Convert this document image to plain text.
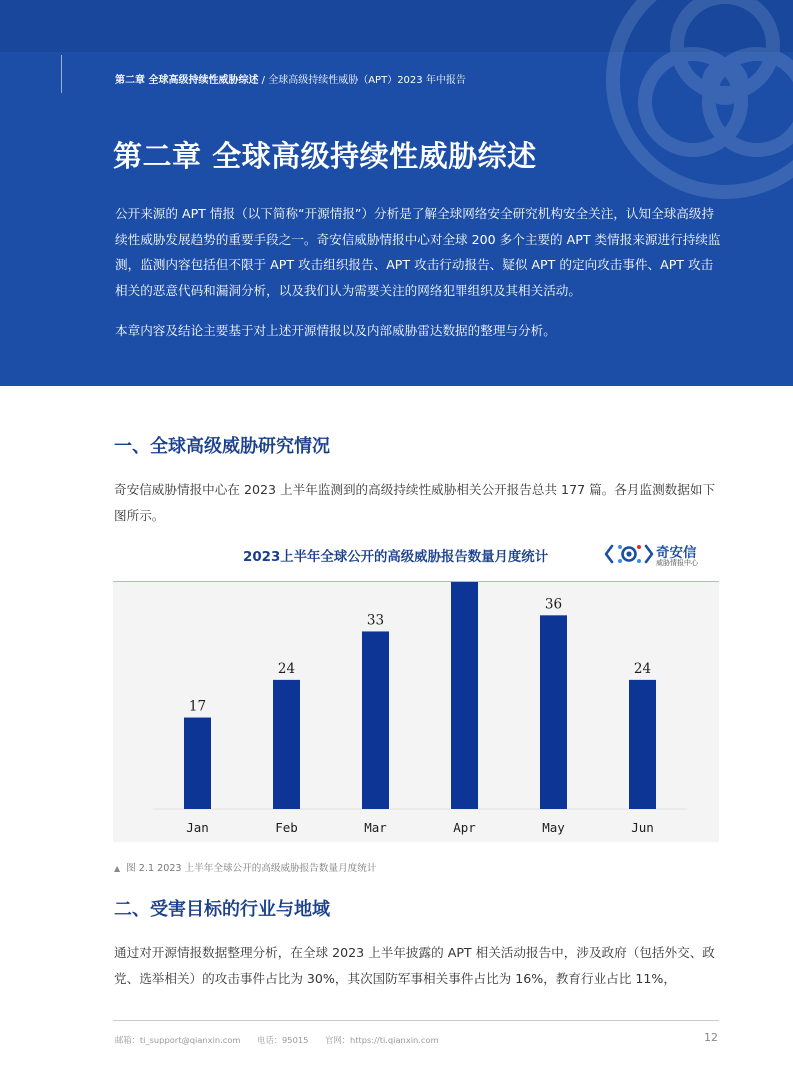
第二章 全球高级持续性威胁综述 / 全球高级持续性威胁（APT）2023 年中报告
第二章 全球高级持续性威胁综述

公开来源的 APT 情报（以下简称“开源情报”）分析是了解全球网络安全研究机构安全关注，认知全球高级持续性威胁发展趋势的重要手段之一。奇安信威胁情报中心对全球 200 多个主要的 APT 类情报来源进行持续监测，监测内容包括但不限于 APT 攻击组织报告、APT 攻击行动报告、疑似 APT 的定向攻击事件、APT 攻击相关的恶意代码和漏洞分析，以及我们认为需要关注的网络犯罪组织及其相关活动。

本章内容及结论主要基于对上述开源情报以及内部威胁雷达数据的整理与分析。

一、全球高级威胁研究情况

奇安信威胁情报中心在 2023 上半年监测到的高级持续性威胁相关公开报告总共 177 篇。各月监测数据如下图所示。

2023上半年全球公开的高级威胁报告数量月度统计	奇安信
威胁情报中心
17
Jan
24
Feb
33
Mar	Apr
36
May
24
Jun
▲ 图 2.1 2023 上半年全球公开的高级威胁报告数量月度统计
二、受害目标的行业与地域

通过对开源情报数据整理分析，在全球 2023 上半年披露的 APT 相关活动报告中，涉及政府（包括外交、政党、选举相关）的攻击事件占比为 30%，其次国防军事相关事件占比为 16%，教育行业占比 11%，

邮箱：ti_support@qianxin.com 电话：95015 官网：https://ti.qianxin.com	12
